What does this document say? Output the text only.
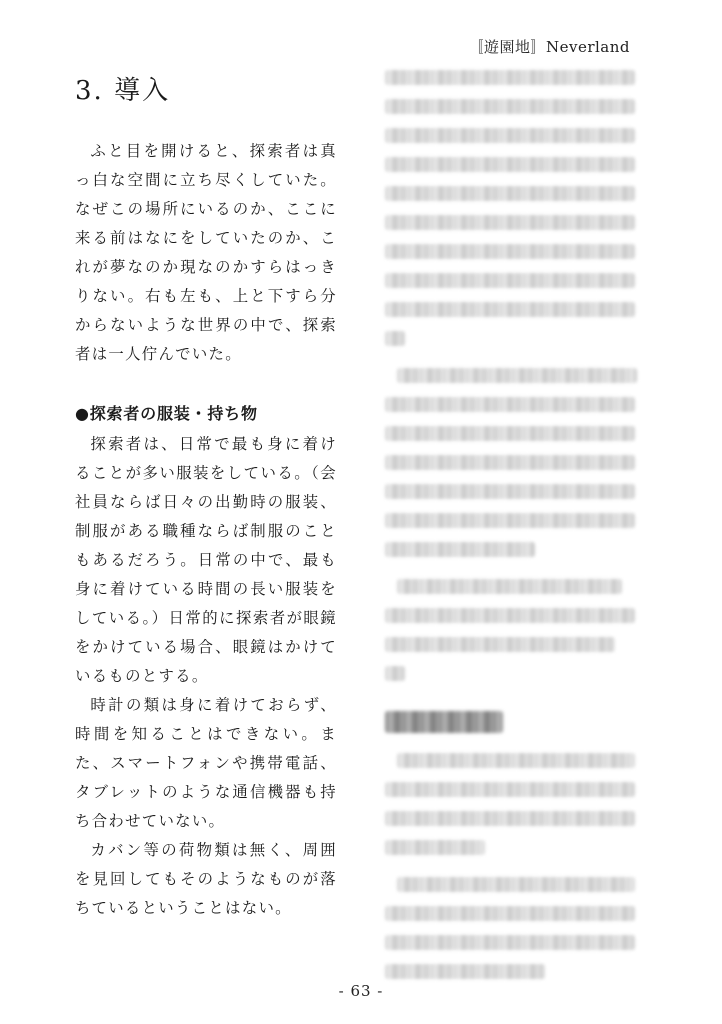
〚遊園地〛Neverland
3. 導入

ふと目を開けると、探索者は真っ白な空間に立ち尽くしていた。なぜこの場所にいるのか、ここに来る前はなにをしていたのか、これが夢なのか現なのかすらはっきりない。右も左も、上と下すら分からないような世界の中で、探索者は一人佇んでいた。

●探索者の服装・持ち物

探索者は、日常で最も身に着けることが多い服装をしている。（会社員ならば日々の出勤時の服装、制服がある職種ならば制服のこともあるだろう。日常の中で、最も身に着けている時間の長い服装をしている。）日常的に探索者が眼鏡をかけている場合、眼鏡はかけているものとする。

時計の類は身に着けておらず、時間を知ることはできない。また、スマートフォンや携帯電話、タブレットのような通信機器も持ち合わせていない。

カバン等の荷物類は無く、周囲を見回してもそのようなものが落ちているということはない。

- 63 -
